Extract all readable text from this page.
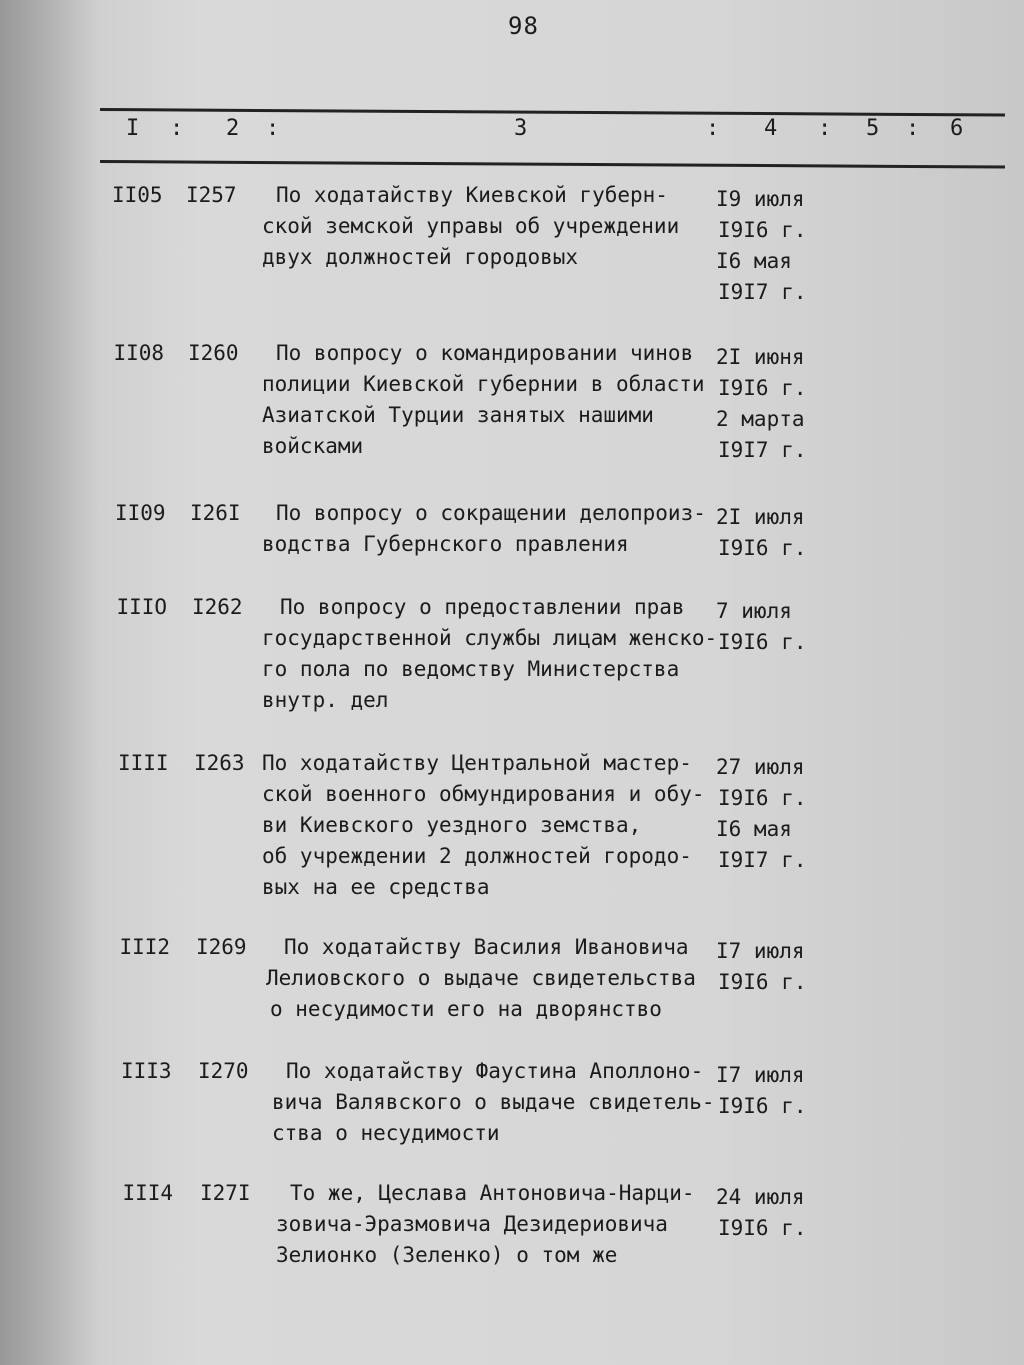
98
I : 2 :	3	: 4 : 5 : 6
II05 I257	По ходатайству Киевской губерн-
ской земской управы об учреждении
двух должностей городовых
I9 июля
I9I6 г.
I6 мая
I9I7 г.
II08 I260	По вопросу о командировании чинов
полиции Киевской губернии в области
Азиатской Турции занятых нашими
войсками
2I июня
I9I6 г.
2 марта
I9I7 г.
II09 I26I	По вопросу о сокращении делопроиз-
водства Губернского правления
2I июля
I9I6 г.
IIIO I262	По вопросу о предоставлении прав
государственной службы лицам женско-
го пола по ведомству Министерства
внутр. дел
7 июля
I9I6 г.
IIII I263 По ходатайству Центральной мастер-
ской военного обмундирования и обу-
ви Киевского уездного земства,
об учреждении 2 должностей городо-
вых на ее средства
27 июля
I9I6 г.
I6 мая
I9I7 г.
III2 I269	По ходатайству Василия Ивановича
Лелиовского о выдаче свидетельства
о несудимости его на дворянство
I7 июля
I9I6 г.
III3 I270	По ходатайству Фаустина Аполлоно-
вича Валявского о выдаче свидетель-
ства о несудимости
I7 июля
I9I6 г.
III4 I27I	То же, Цеслава Антоновича-Нарци-
зовича-Эразмовича Дезидериовича
Зелионко (Зеленко) о том же
24 июля
I9I6 г.
